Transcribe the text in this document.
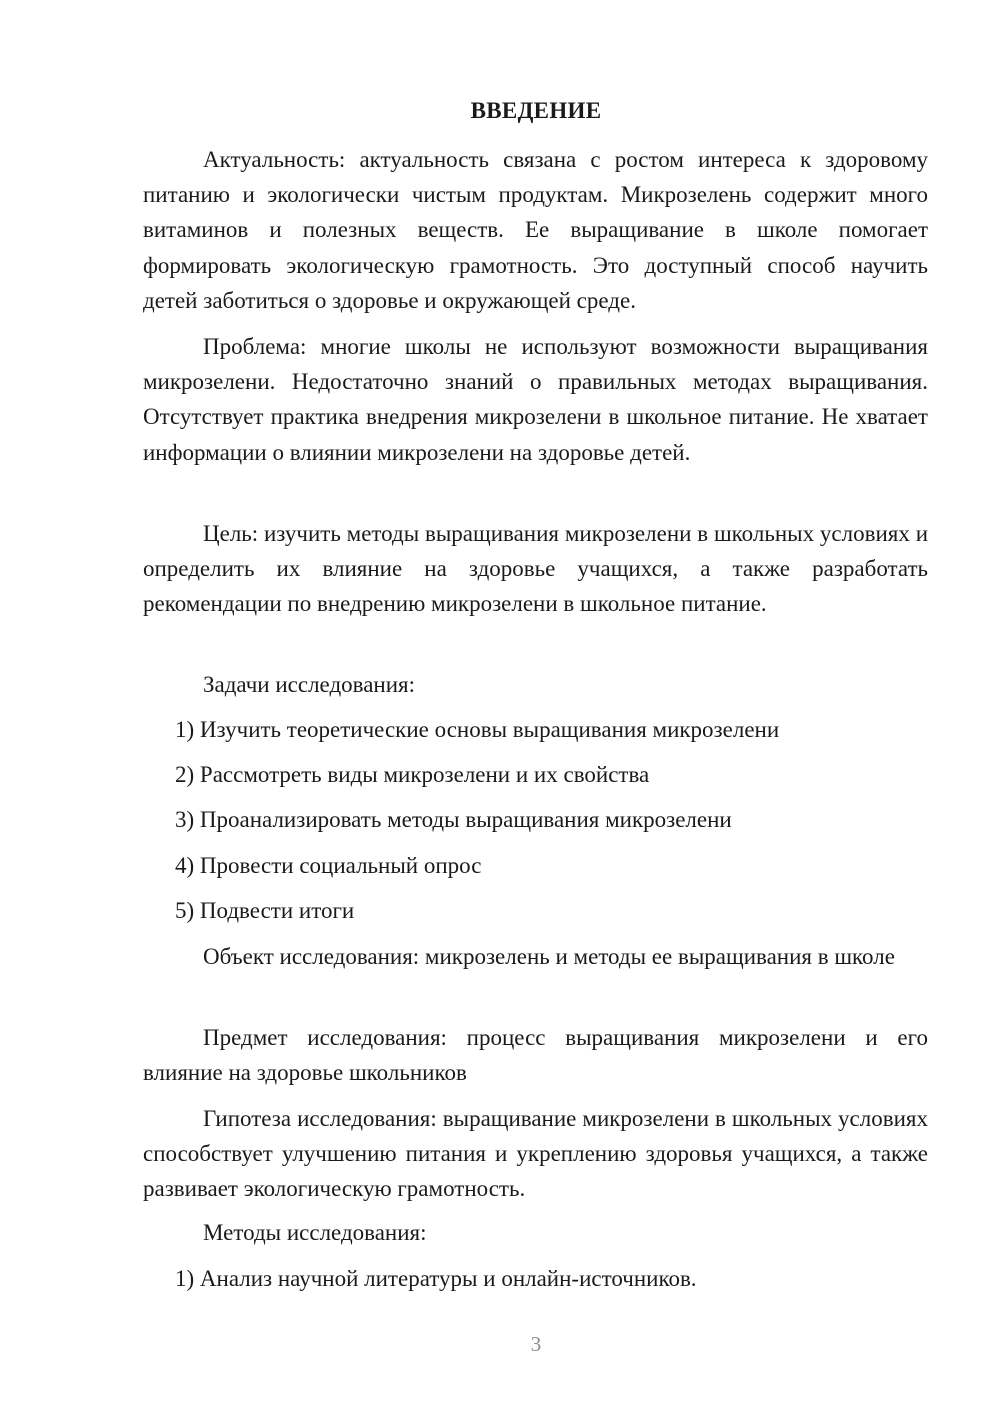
ВВЕДЕНИЕ

Актуальность: актуальность связана с ростом интереса к здоровому питанию и экологически чистым продуктам. Микрозелень содержит много витаминов и полезных веществ. Ее выращивание в школе помогает формировать экологическую грамотность. Это доступный способ научить детей заботиться о здоровье и окружающей среде.

Проблема: многие школы не используют возможности выращивания микрозелени. Недостаточно знаний о правильных методах выращивания. Отсутствует практика внедрения микрозелени в школьное питание. Не хватает информации о влиянии микрозелени на здоровье детей.

Цель: изучить методы выращивания микрозелени в школьных условиях и определить их влияние на здоровье учащихся, а также разработать рекомендации по внедрению микрозелени в школьное питание.

Задачи исследования:

1) Изучить теоретические основы выращивания микрозелени

2) Рассмотреть виды микрозелени и их свойства

3) Проанализировать методы выращивания микрозелени

4) Провести социальный опрос

5) Подвести итоги

Объект исследования: микрозелень и методы ее выращивания в школе

Предмет исследования: процесс выращивания микрозелени и его влияние на здоровье школьников

Гипотеза исследования: выращивание микрозелени в школьных условиях способствует улучшению питания и укреплению здоровья учащихся, а также развивает экологическую грамотность.

Методы исследования:

1) Анализ научной литературы и онлайн-источников.

3
